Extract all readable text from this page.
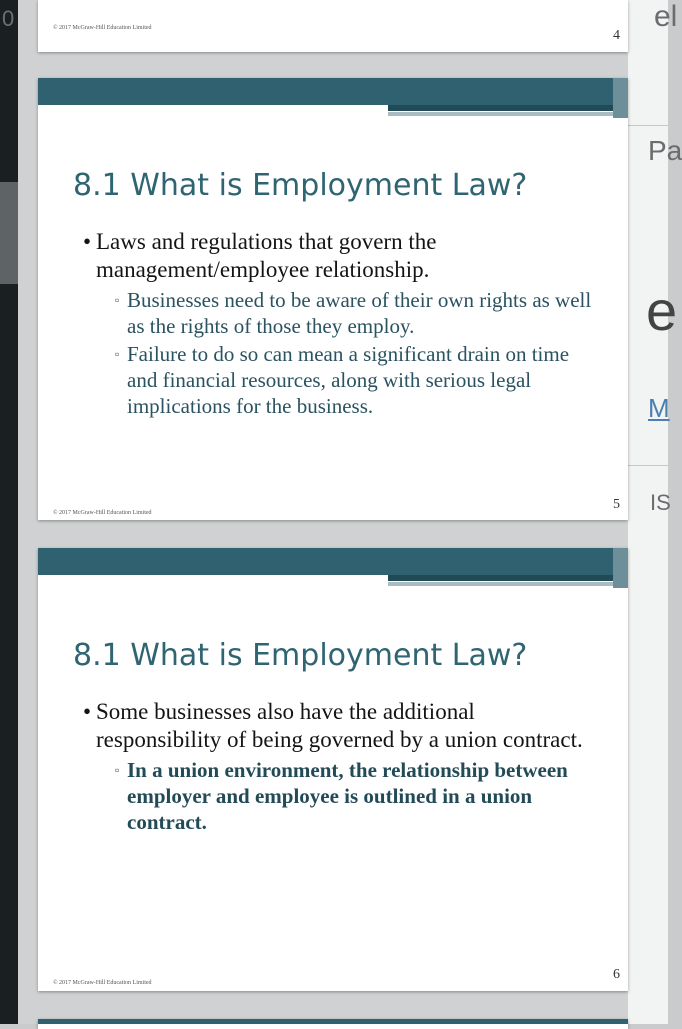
0	el
Pa
e
M
IS
© 2017 McGraw-Hill Education Limited	4
8.1 What is Employment Law?
• Laws and regulations that govern the management/employee relationship.
▫ Businesses need to be aware of their own rights as well as the rights of those they employ.
▫ Failure to do so can mean a significant drain on time and financial resources, along with serious legal implications for the business.
© 2017 McGraw-Hill Education Limited
5
8.1 What is Employment Law?
• Some businesses also have the additional responsibility of being governed by a union contract.
▫ In a union environment, the relationship between employer and employee is outlined in a union contract.
© 2017 McGraw-Hill Education Limited
6
